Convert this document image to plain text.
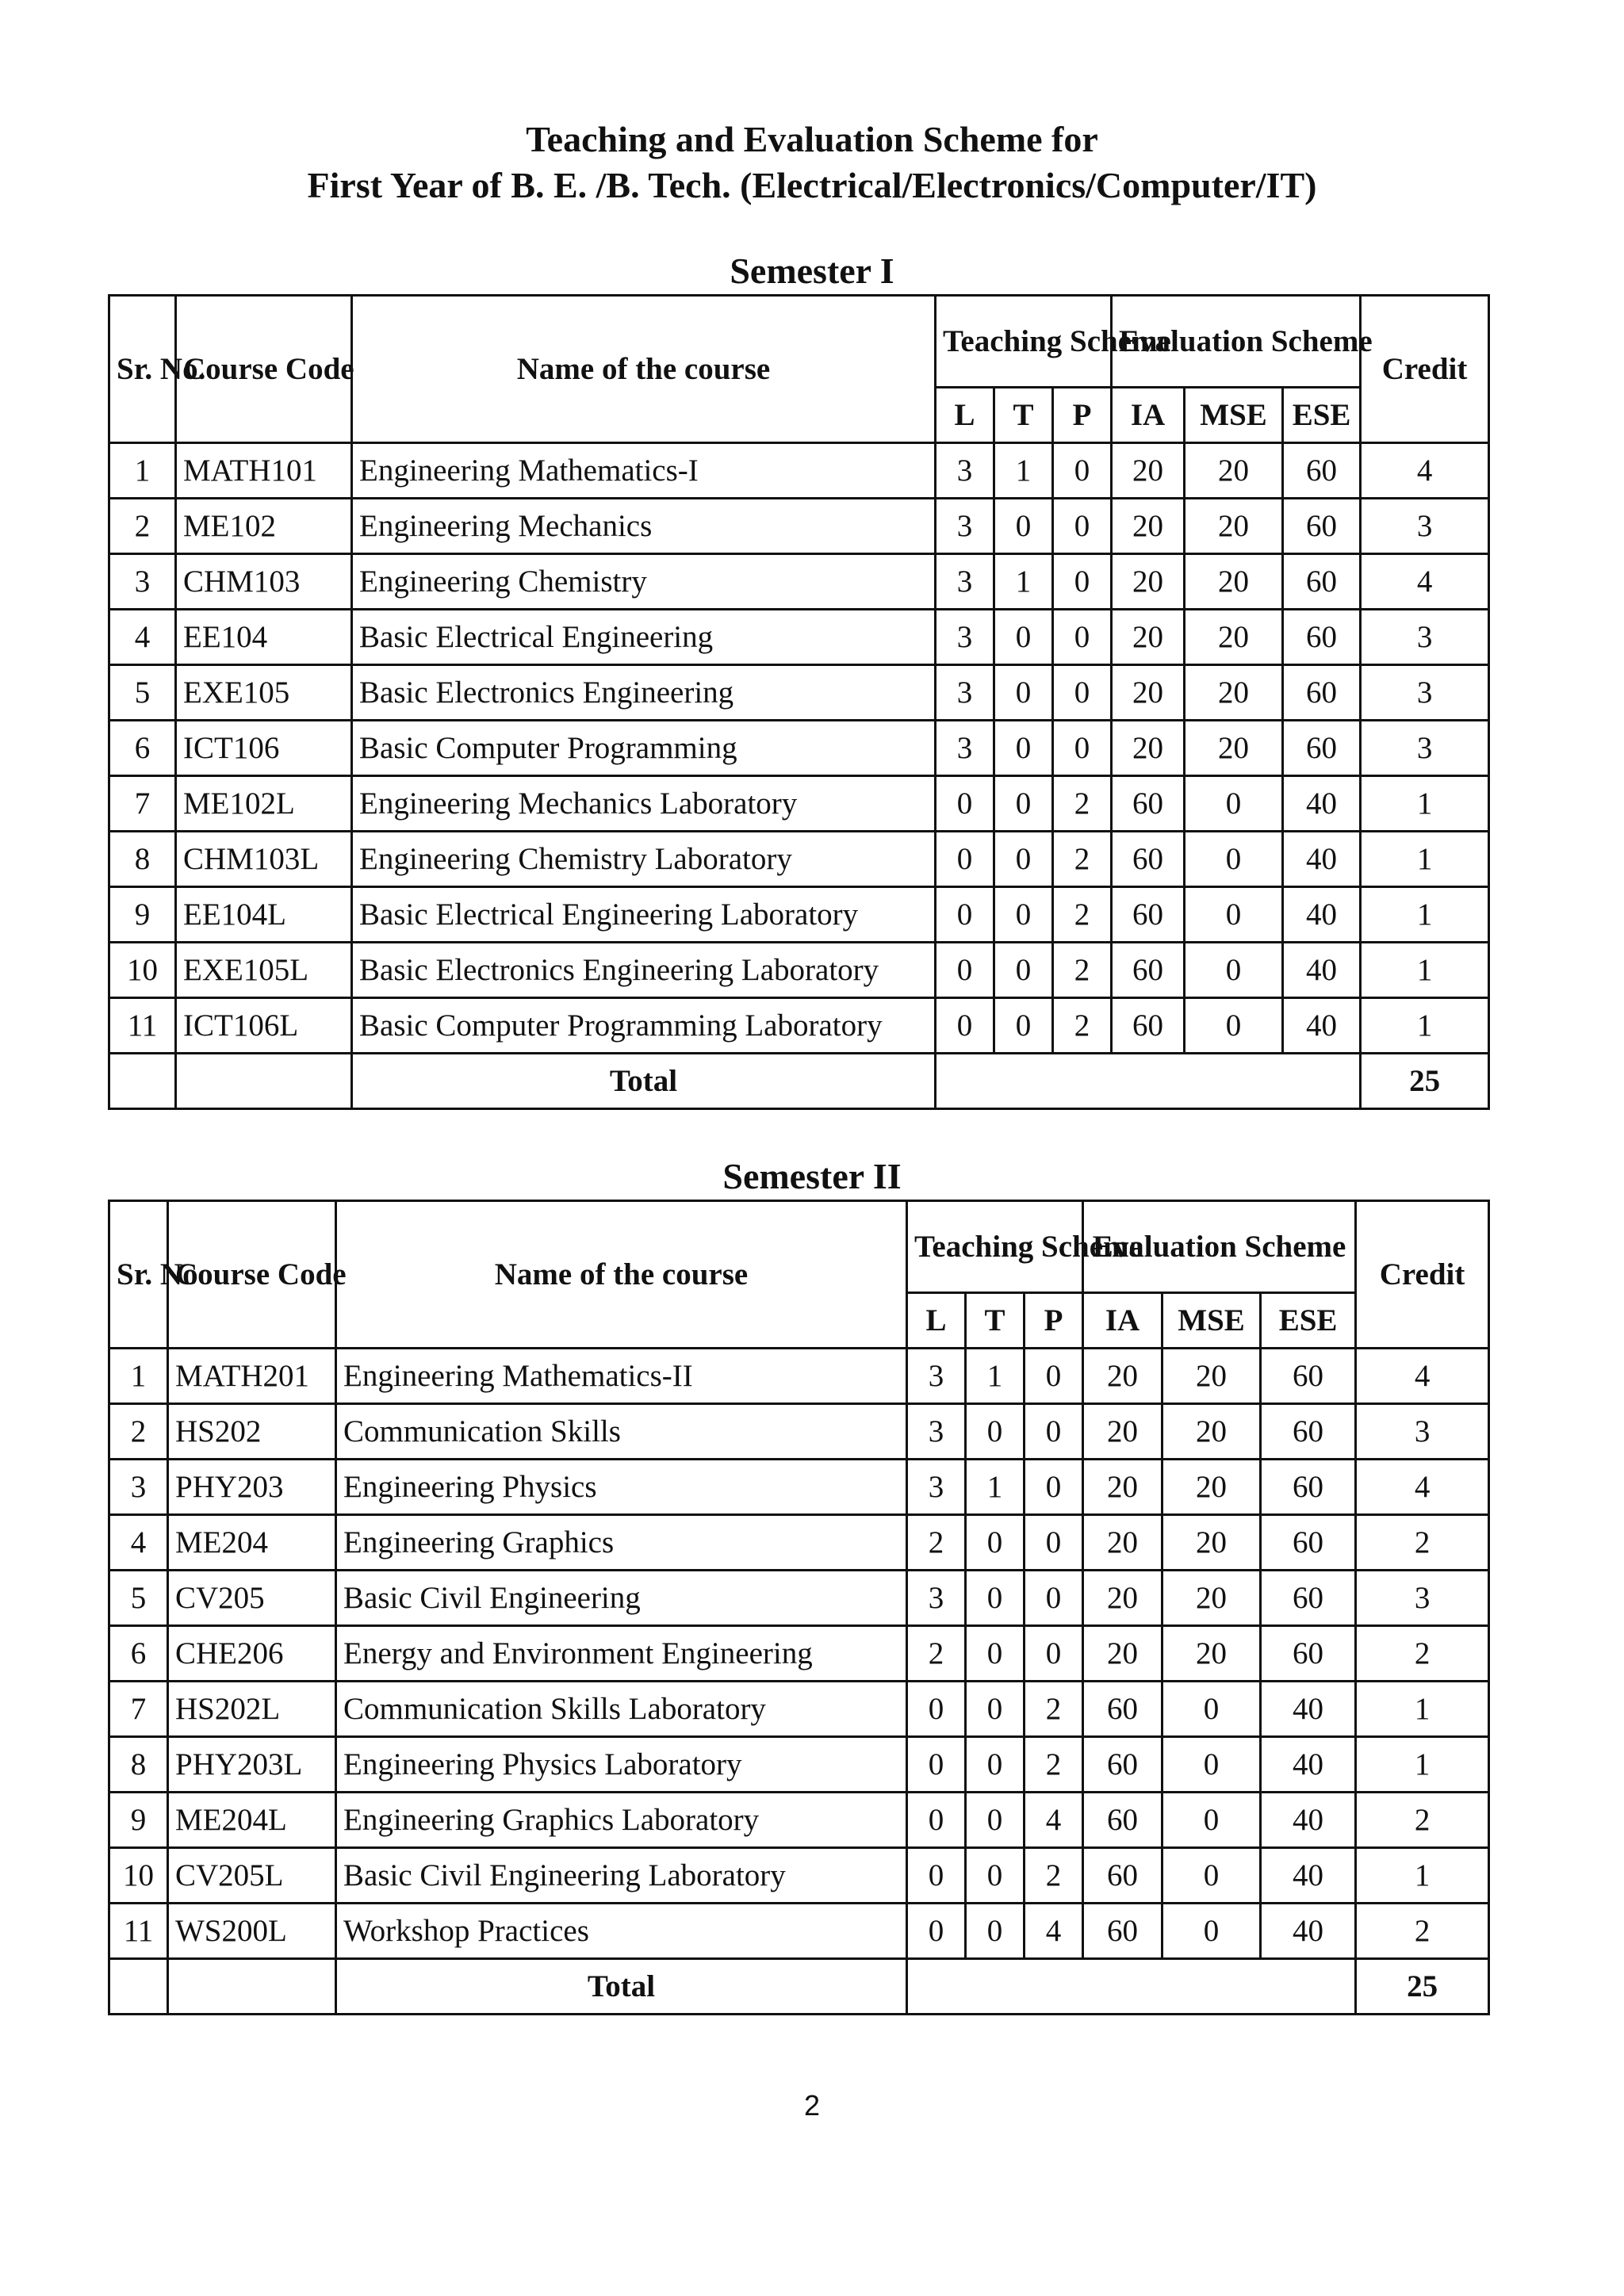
Teaching and Evaluation Scheme for
First Year of B. E. /B. Tech. (Electrical/Electronics/Computer/IT)
Semester I
Sr. No.	Course Code	Name of the course	Teaching Scheme			Evaluation Scheme			Credit
			L	T	P	IA	MSE	ESE	
1	MATH101	Engineering Mathematics-I	3	1	0	20	20	60	4
2	ME102	Engineering Mechanics	3	0	0	20	20	60	3
3	CHM103	Engineering Chemistry	3	1	0	20	20	60	4
4	EE104	Basic Electrical Engineering	3	0	0	20	20	60	3
5	EXE105	Basic Electronics Engineering	3	0	0	20	20	60	3
6	ICT106	Basic Computer Programming	3	0	0	20	20	60	3
7	ME102L	Engineering Mechanics Laboratory	0	0	2	60	0	40	1
8	CHM103L	Engineering Chemistry Laboratory	0	0	2	60	0	40	1
9	EE104L	Basic Electrical Engineering Laboratory	0	0	2	60	0	40	1
10	EXE105L	Basic Electronics Engineering Laboratory	0	0	2	60	0	40	1
11	ICT106L	Basic Computer Programming Laboratory	0	0	2	60	0	40	1
		Total							25
Semester II
Sr. No	Course Code	Name of the course	Teaching Scheme			Evaluation Scheme			Credit
			L	T	P	IA	MSE	ESE	
1	MATH201	Engineering Mathematics-II	3	1	0	20	20	60	4
2	HS202	Communication Skills	3	0	0	20	20	60	3
3	PHY203	Engineering Physics	3	1	0	20	20	60	4
4	ME204	Engineering Graphics	2	0	0	20	20	60	2
5	CV205	Basic Civil Engineering	3	0	0	20	20	60	3
6	CHE206	Energy and Environment Engineering	2	0	0	20	20	60	2
7	HS202L	Communication Skills Laboratory	0	0	2	60	0	40	1
8	PHY203L	Engineering Physics Laboratory	0	0	2	60	0	40	1
9	ME204L	Engineering Graphics Laboratory	0	0	4	60	0	40	2
10	CV205L	Basic Civil Engineering Laboratory	0	0	2	60	0	40	1
11	WS200L	Workshop Practices	0	0	4	60	0	40	2
		Total							25
2
